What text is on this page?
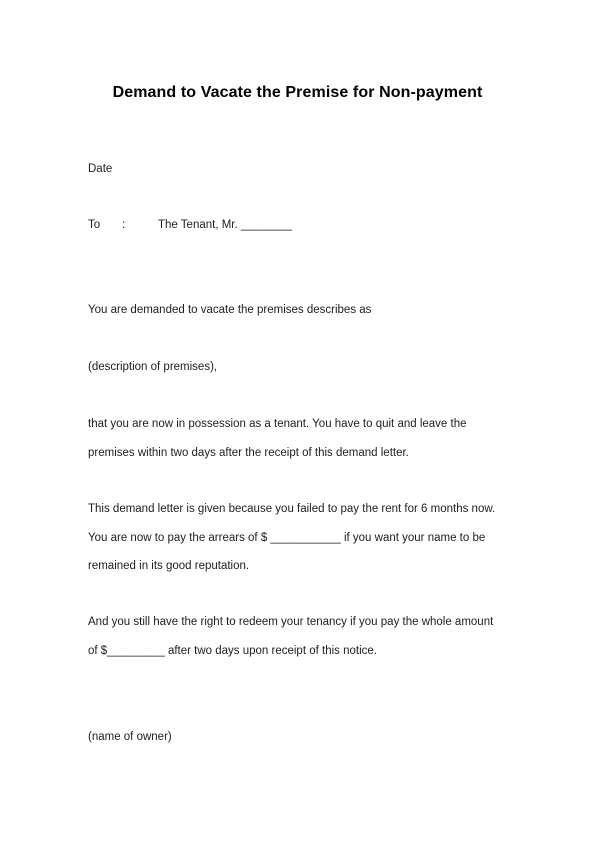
Demand to Vacate the Premise for Non-payment
Date
To :	The Tenant, Mr. ________
You are demanded to vacate the premises describes as
(description of premises),
that you are now in possession as a tenant. You have to quit and leave the
premises within two days after the receipt of this demand letter.
This demand letter is given because you failed to pay the rent for 6 months now.
You are now to pay the arrears of $ ___________ if you want your name to be
remained in its good reputation.
And you still have the right to redeem your tenancy if you pay the whole amount
of $_________ after two days upon receipt of this notice.
(name of owner)
